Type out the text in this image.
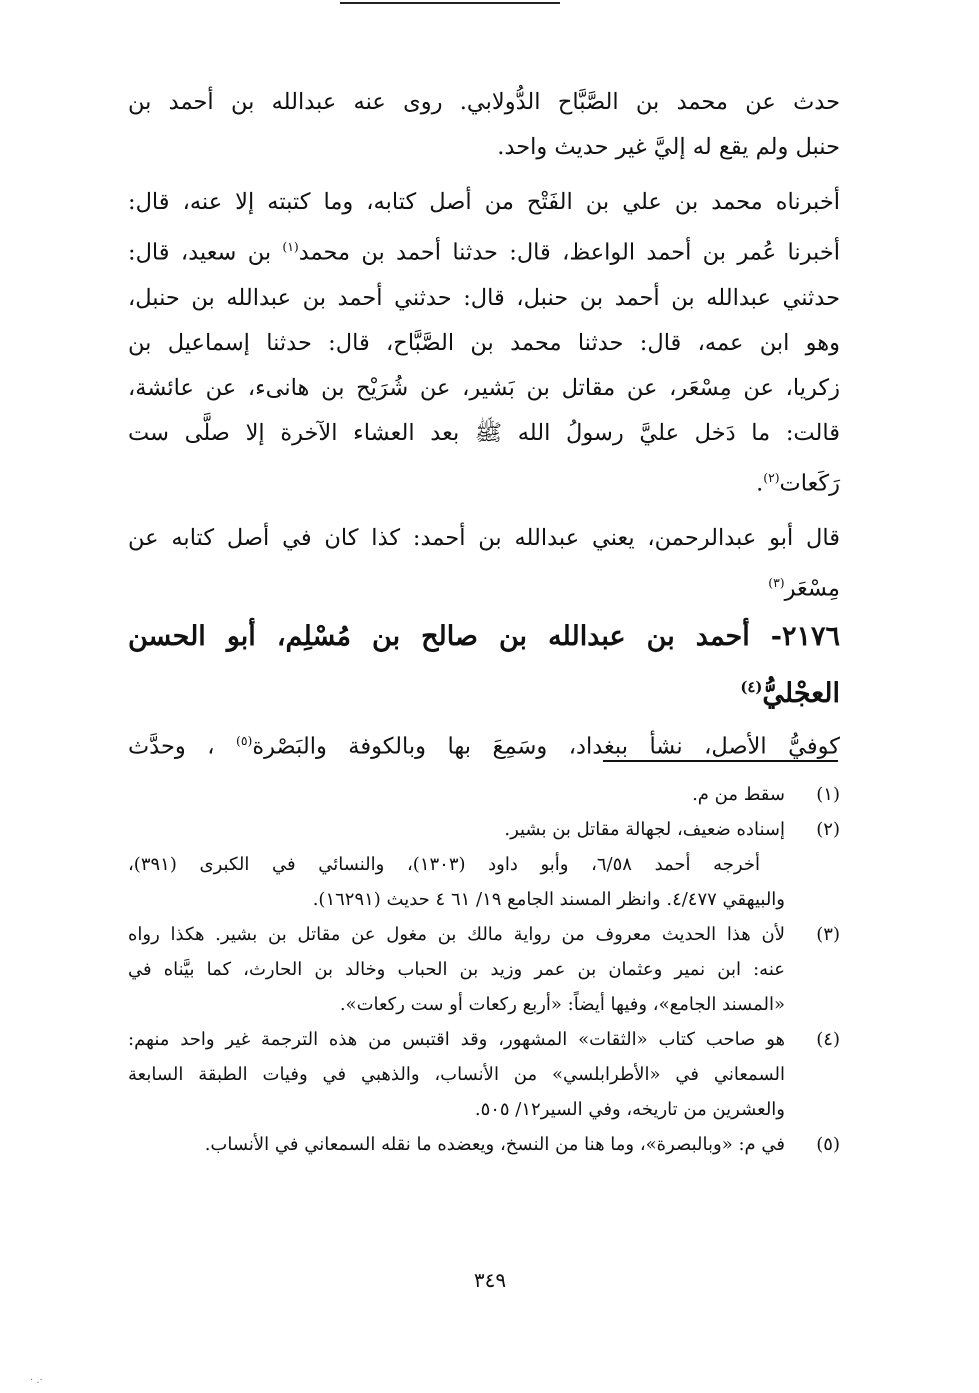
حدث عن محمد بن الصَّبَّاح الدُّولابي. روى عنه عبدالله بن أحمد بن
حنبل ولم يقع له إليَّ غير حديث واحد.
أخبرناه محمد بن علي بن الفَتْح من أصل كتابه، وما كتبته إلا عنه، قال:
أخبرنا عُمر بن أحمد الواعظ، قال: حدثنا أحمد بن محمد$^{(١)}$ بن سعيد، قال:
حدثني عبدالله بن أحمد بن حنبل، قال: حدثني أحمد بن عبدالله بن حنبل،
وهو ابن عمه، قال: حدثنا محمد بن الصَّبَّاح، قال: حدثنا إسماعيل بن
زكريا، عن مِسْعَر، عن مقاتل بن بَشير، عن شُرَيْح بن هانىء، عن عائشة،
قالت: ما دَخل عليَّ رسولُ الله ﷺ بعد العشاء الآخرة إلا صلَّى ست
رَكَعات$^{(٢)}$.
قال أبو عبدالرحمن، يعني عبدالله بن أحمد: كذا كان في أصل كتابه عن
مِسْعَر$^{(٣)}$
٢١٧٦- أحمد بن عبدالله بن صالح بن مُسْلِم، أبو الحسن
العجْليُّ$^{(٤)}$
كوفيُّ الأصل، نشأ ببغداد، وسَمِعَ بها وبالكوفة والبَصْرة$^{(٥)}$ ، وحدَّث
(١)
سقط من م.
(٢)
إسناده ضعيف، لجهالة مقاتل بن بشير.
أخرجه أحمد ٦/٥٨، وأبو داود (١٣٠٣)، والنسائي في الكبرى (٣٩١)،
والبيهقي ٤/٤٧٧. وانظر المسند الجامع ١٩/ ٦١ ٤ حديث (١٦٢٩١).
(٣)
لأن هذا الحديث معروف من رواية مالك بن مغول عن مقاتل بن بشير. هكذا رواه
عنه: ابن نمير وعثمان بن عمر وزيد بن الحباب وخالد بن الحارث، كما بيَّناه في
«المسند الجامع»، وفيها أيضاً: «أربع ركعات أو ست ركعات».
(٤)
هو صاحب كتاب «الثقات» المشهور، وقد اقتبس من هذه الترجمة غير واحد منهم:
السمعاني في «الأطرابلسي» من الأنساب، والذهبي في وفيات الطبقة السابعة
والعشرين من تاريخه، وفي السير١٢/ ٥٠٥.
(٥)
في م: «وبالبصرة»، وما هنا من النسخ، ويعضده ما نقله السمعاني في الأنساب.
٣٤٩
· .·
